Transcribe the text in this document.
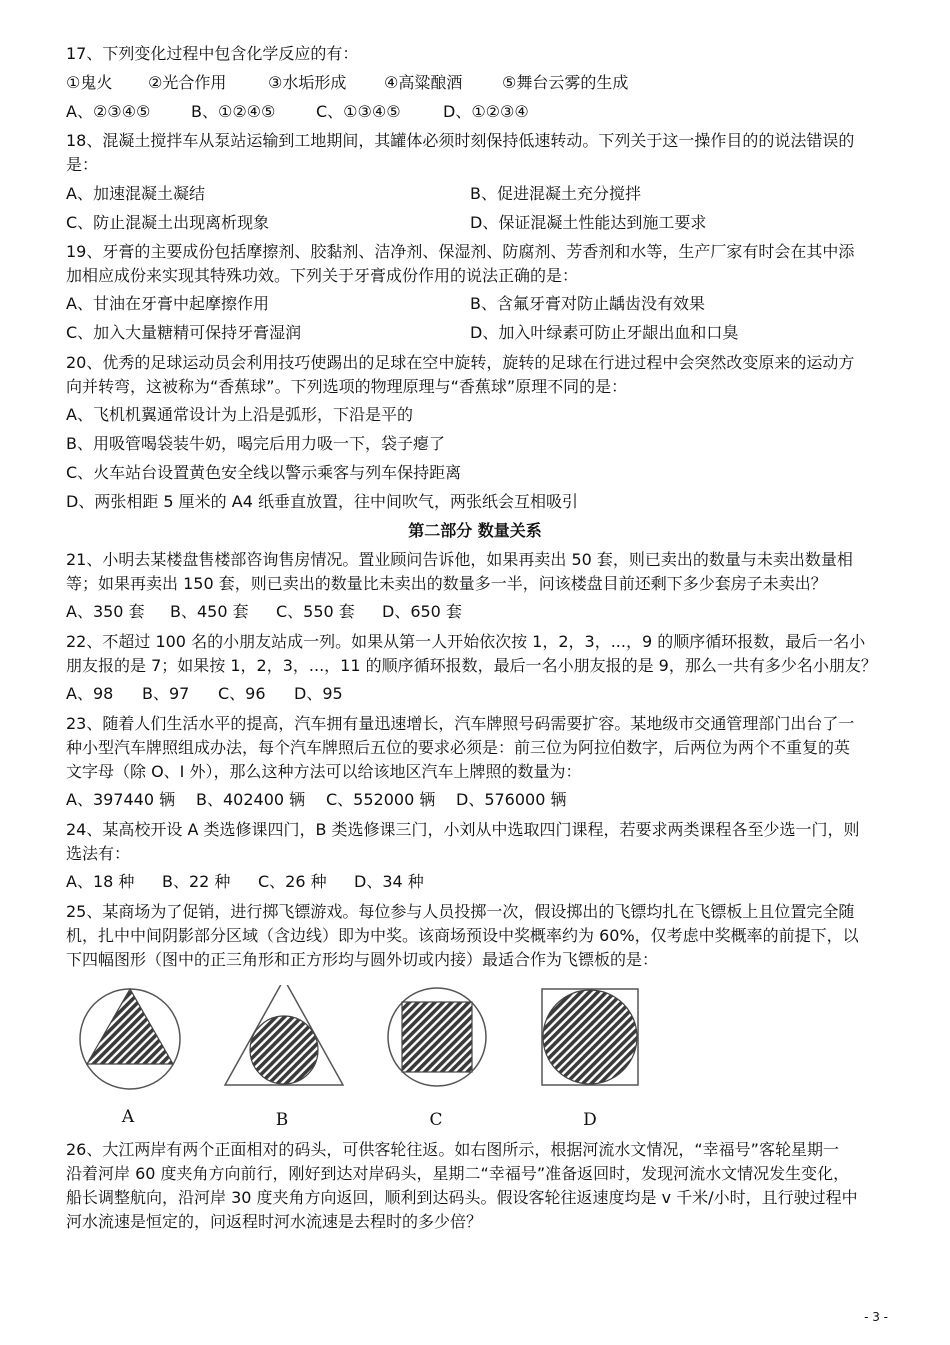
17、下列变化过程中包含化学反应的有：
①鬼火 ②光合作用	③水垢形成 ④高粱酿酒 ⑤舞台云雾的生成
A、②③④⑤	B、①②④⑤	C、①③④⑤	D、①②③④
18、混凝土搅拌车从泵站运输到工地期间，其罐体必须时刻保持低速转动。下列关于这一操作目的的说法错误的
是：
A、加速混凝土凝结	B、促进混凝土充分搅拌
C、防止混凝土出现离析现象	D、保证混凝土性能达到施工要求
19、牙膏的主要成份包括摩擦剂、胶黏剂、洁净剂、保湿剂、防腐剂、芳香剂和水等，生产厂家有时会在其中添
加相应成份来实现其特殊功效。下列关于牙膏成份作用的说法正确的是：
A、甘油在牙膏中起摩擦作用	B、含氟牙膏对防止龋齿没有效果
C、加入大量糖精可保持牙膏湿润	D、加入叶绿素可防止牙龈出血和口臭
20、优秀的足球运动员会利用技巧使踢出的足球在空中旋转，旋转的足球在行进过程中会突然改变原来的运动方
向并转弯，这被称为“香蕉球”。下列选项的物理原理与“香蕉球”原理不同的是：
A、飞机机翼通常设计为上沿是弧形，下沿是平的
B、用吸管喝袋装牛奶，喝完后用力吸一下，袋子瘪了
C、火车站台设置黄色安全线以警示乘客与列车保持距离
D、两张相距 5 厘米的 A4 纸垂直放置，往中间吹气，两张纸会互相吸引
第二部分 数量关系
21、小明去某楼盘售楼部咨询售房情况。置业顾问告诉他，如果再卖出 50 套，则已卖出的数量与未卖出数量相
等；如果再卖出 150 套，则已卖出的数量比未卖出的数量多一半，问该楼盘目前还剩下多少套房子未卖出？
A、350 套 B、450 套 C、550 套 D、650 套
22、不超过 100 名的小朋友站成一列。如果从第一人开始依次按 1，2，3，...，9 的顺序循环报数，最后一名小
朋友报的是 7；如果按 1，2，3，...，11 的顺序循环报数，最后一名小朋友报的是 9，那么一共有多少名小朋友？
A、98 B、97 C、96 D、95
23、随着人们生活水平的提高，汽车拥有量迅速增长，汽车牌照号码需要扩容。某地级市交通管理部门出台了一
种小型汽车牌照组成办法，每个汽车牌照后五位的要求必须是：前三位为阿拉伯数字，后两位为两个不重复的英
文字母（除 O、I 外），那么这种方法可以给该地区汽车上牌照的数量为：
A、397440 辆 B、402400 辆 C、552000 辆 D、576000 辆
24、某高校开设 A 类选修课四门，B 类选修课三门，小刘从中选取四门课程，若要求两类课程各至少选一门，则
选法有：
A、18 种 B、22 种 C、26 种 D、34 种
25、某商场为了促销，进行掷飞镖游戏。每位参与人员投掷一次，假设掷出的飞镖均扎在飞镖板上且位置完全随
机，扎中中间阴影部分区域（含边线）即为中奖。该商场预设中奖概率约为 60%，仅考虑中奖概率的前提下，以
下四幅图形（图中的正三角形和正方形均与圆外切或内接）最适合作为飞镖板的是：
A	B	C	D
26、大江两岸有两个正面相对的码头，可供客轮往返。如右图所示，根据河流水文情况，“幸福号”客轮星期一
沿着河岸 60 度夹角方向前行，刚好到达对岸码头，星期二“幸福号”准备返回时，发现河流水文情况发生变化，
船长调整航向，沿河岸 30 度夹角方向返回，顺利到达码头。假设客轮往返速度均是 v 千米/小时，且行驶过程中
河水流速是恒定的，问返程时河水流速是去程时的多少倍？
- 3 -
